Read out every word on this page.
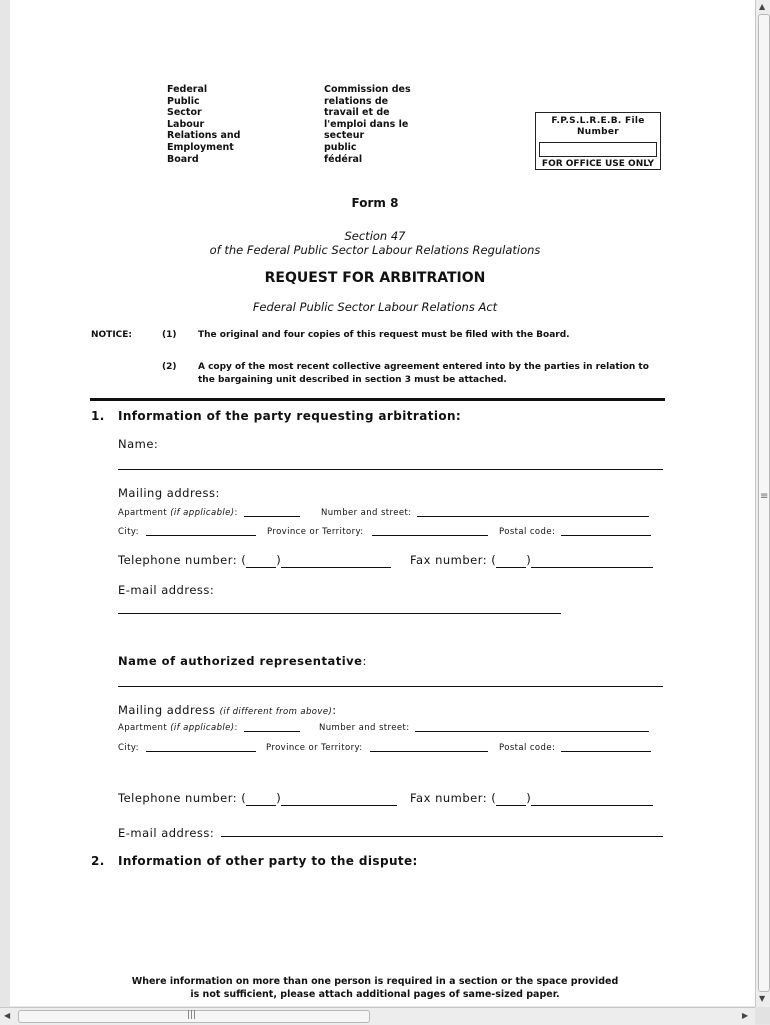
Federal
Public
Sector
Labour
Relations and
Employment
Board
Commission des
relations de
travail et de
l'emploi dans le
secteur
public
fédéral
F.P.S.L.R.E.B. File
Number
FOR OFFICE USE ONLY
Form 8
Section 47
of the Federal Public Sector Labour Relations Regulations
REQUEST FOR ARBITRATION
Federal Public Sector Labour Relations Act
NOTICE:	(1) The original and four copies of this request must be filed with the Board.
(2) A copy of the most recent collective agreement entered into by the parties in relation to
the bargaining unit described in section 3 must be attached.
1. Information of the party requesting arbitration:
Name:
Mailing address:
Apartment (if applicable):	Number and street:
City:	Province or Territory:	Postal code:
Telephone number: (	)	Fax number: (	)
E-mail address:
Name of authorized representative:
Mailing address (if different from above):
Apartment (if applicable):	Number and street:
City:	Province or Territory:	Postal code:
Telephone number: (	)	Fax number: (	)
E-mail address:
2. Information of other party to the dispute:
Where information on more than one person is required in a section or the space provided
is not sufficient, please attach additional pages of same-sized paper.
▲
≡
▼
◀	|||	▶
